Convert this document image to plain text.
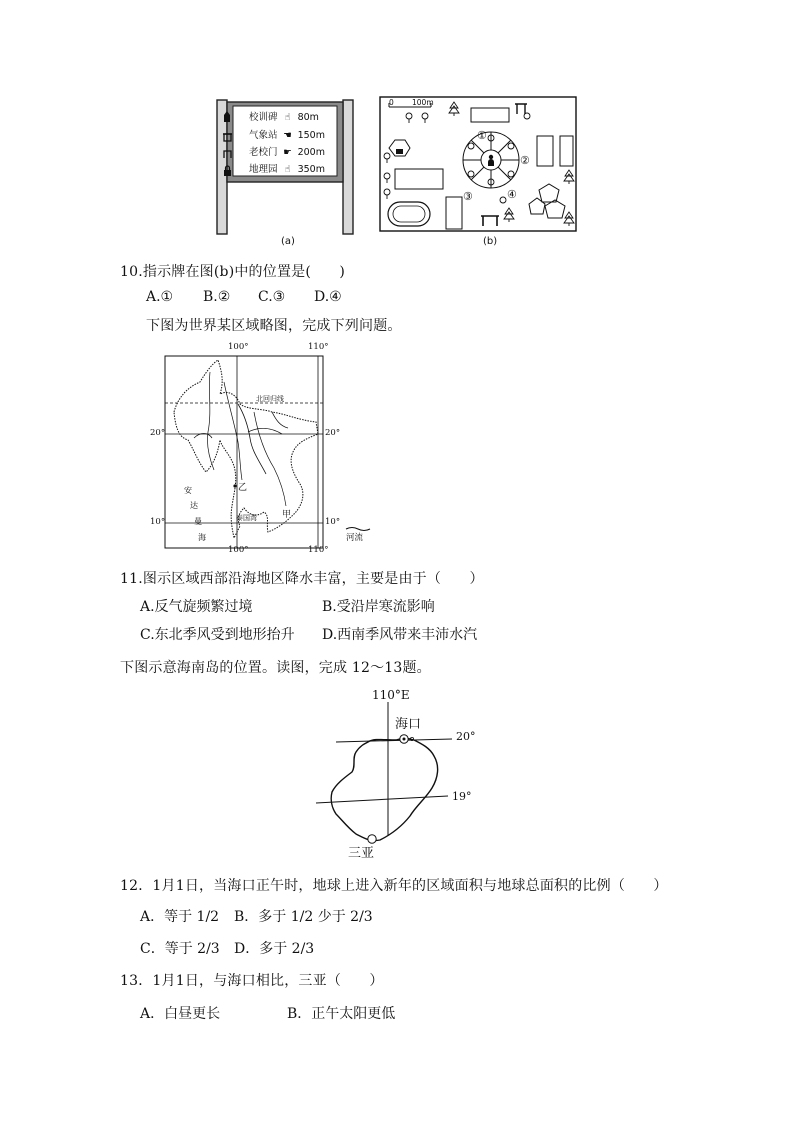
校训碑 ☝ 80m
气象站 ☚ 150m
老校门 ☛ 200m
地理园 ☝ 350m
(a)
0 100m
①
②
③	④
(b)
10.指示牌在图(b)中的位置是(　　)
A.① B.② C.③ D.④
下图为世界某区域略图，完成下列问题。
100°	110°
100°	110°
20°	20°
10°	10°
北回归线
乙
甲
泰国湾
安
达
曼
海	河流
11.图示区域西部沿海地区降水丰富，主要是由于（　　）
A.反气旋频繁过境	B.受沿岸寒流影响
C.东北季风受到地形抬升 D.西南季风带来丰沛水汽
下图示意海南岛的位置。读图，完成 12～13题。
110°E
海口
20°
19°
三亚
12．1月1日，当海口正午时，地球上进入新年的区域面积与地球总面积的比例（　　）
A．等于 1/2 B．多于 1/2 少于 2/3
C．等于 2/3 D．多于 2/3
13．1月1日，与海口相比，三亚（　　）
A．白昼更长	B．正午太阳更低
